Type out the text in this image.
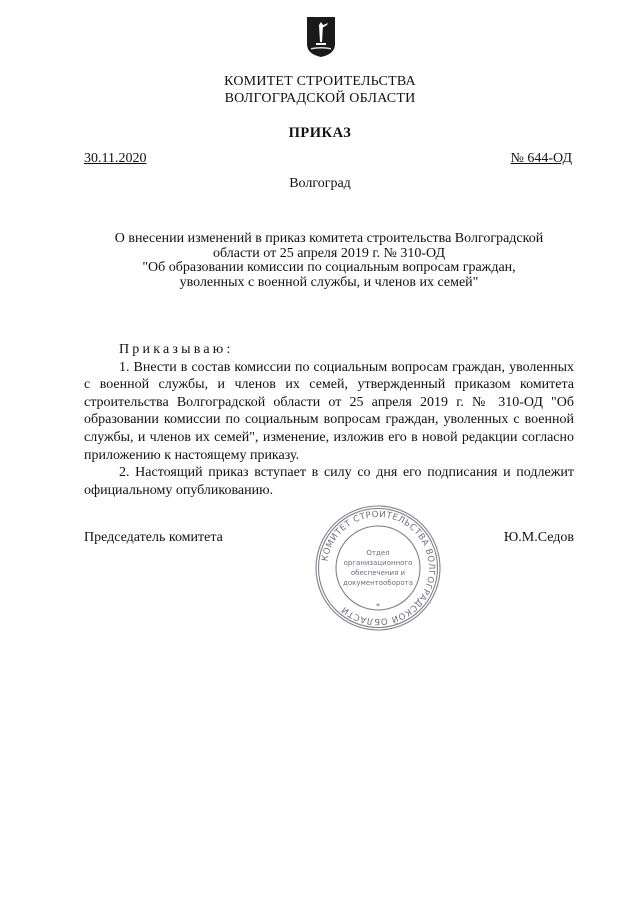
КОМИТЕТ СТРОИТЕЛЬСТВА
ВОЛГОГРАДСКОЙ ОБЛАСТИ
ПРИКАЗ
30.11.2020	№ 644-ОД
Волгоград
О внесении изменений в приказ комитета строительства Волгоградской
области от 25 апреля 2019 г. № 310-ОД
"Об образовании комиссии по социальным вопросам граждан,
уволенных с военной службы, и членов их семей"

Приказываю:

1. Внести в состав комиссии по социальным вопросам граждан, уволенных с военной службы, и членов их семей, утвержденный приказом комитета строительства Волгоградской области от 25 апреля 2019 г. № 310-ОД "Об образовании комиссии по социальным вопросам граждан, уволенных с военной службы, и членов их семей", изменение, изложив его в новой редакции согласно приложению к настоящему приказу.

2. Настоящий приказ вступает в силу со дня его подписания и подлежит официальному опубликованию.

Председатель комитета	Ю.М.Седов
КОМИТЕТ СТРОИТЕЛЬСТВА ВОЛГОГРАДСКОЙ ОБЛАСТИ
Отдел
организационного
обеспечения и
документооборота
*
